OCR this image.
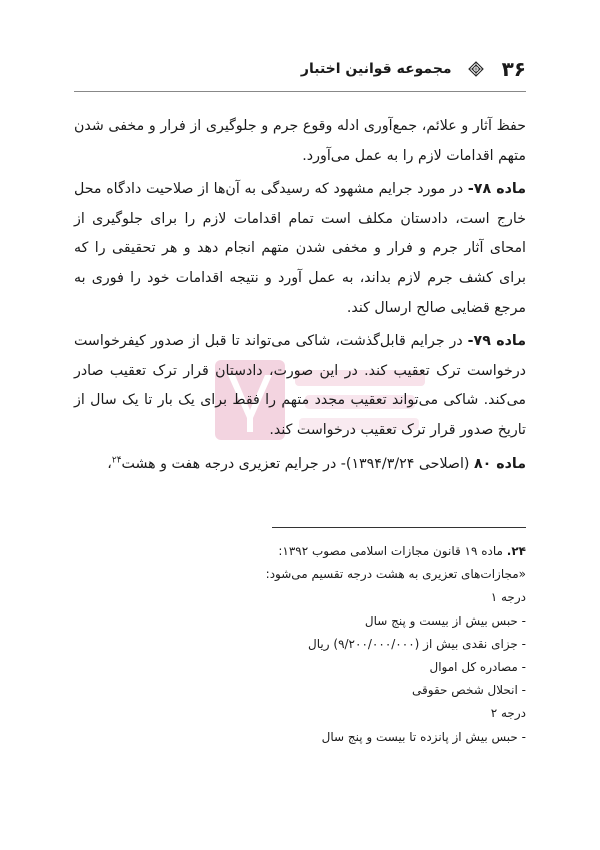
۳۶
مجموعه قوانین اختبار

حفظ آثار و علائم، جمع‌آوری ادله وقوع جرم و جلوگیری از فرار و مخفی شدن متهم اقدامات لازم را به عمل می‌آورد.

ماده ۷۸- در مورد جرایم مشهود که رسیدگی به آن‌ها از صلاحیت دادگاه محل خارج است، دادستان مکلف است تمام اقدامات لازم را برای جلوگیری از امحای آثار جرم و فرار و مخفی شدن متهم انجام دهد و هر تحقیقی را که برای کشف جرم لازم بداند، به عمل آورد و نتیجه اقدامات خود را فوری به مرجع قضایی صالح ارسال کند.

ماده ۷۹- در جرایم قابل‌گذشت، شاکی می‌تواند تا قبل از صدور کیفرخواست درخواست ترک تعقیب کند. در این صورت، دادستان قرار ترک تعقیب صادر می‌کند. شاکی می‌تواند تعقیب مجدد متهم را فقط برای یک بار تا یک سال از تاریخ صدور قرار ترک تعقیب درخواست کند.

ماده ۸۰ (اصلاحی ۱۳۹۴/۳/۲۴)- در جرایم تعزیری درجه هفت و هشت$^{۲۴}$،

۲۴. ماده ۱۹ قانون مجازات اسلامی مصوب ۱۳۹۲:
«مجازات‌های تعزیری به هشت درجه تقسیم می‌شود:
درجه ۱
- حبس بیش از بیست و پنج سال
- جزای نقدی بیش از (۹/۲۰۰/۰۰۰/۰۰۰) ریال
- مصادره کل اموال
- انحلال شخص حقوقی
درجه ۲
- حبس بیش از پانزده تا بیست و پنج سال
